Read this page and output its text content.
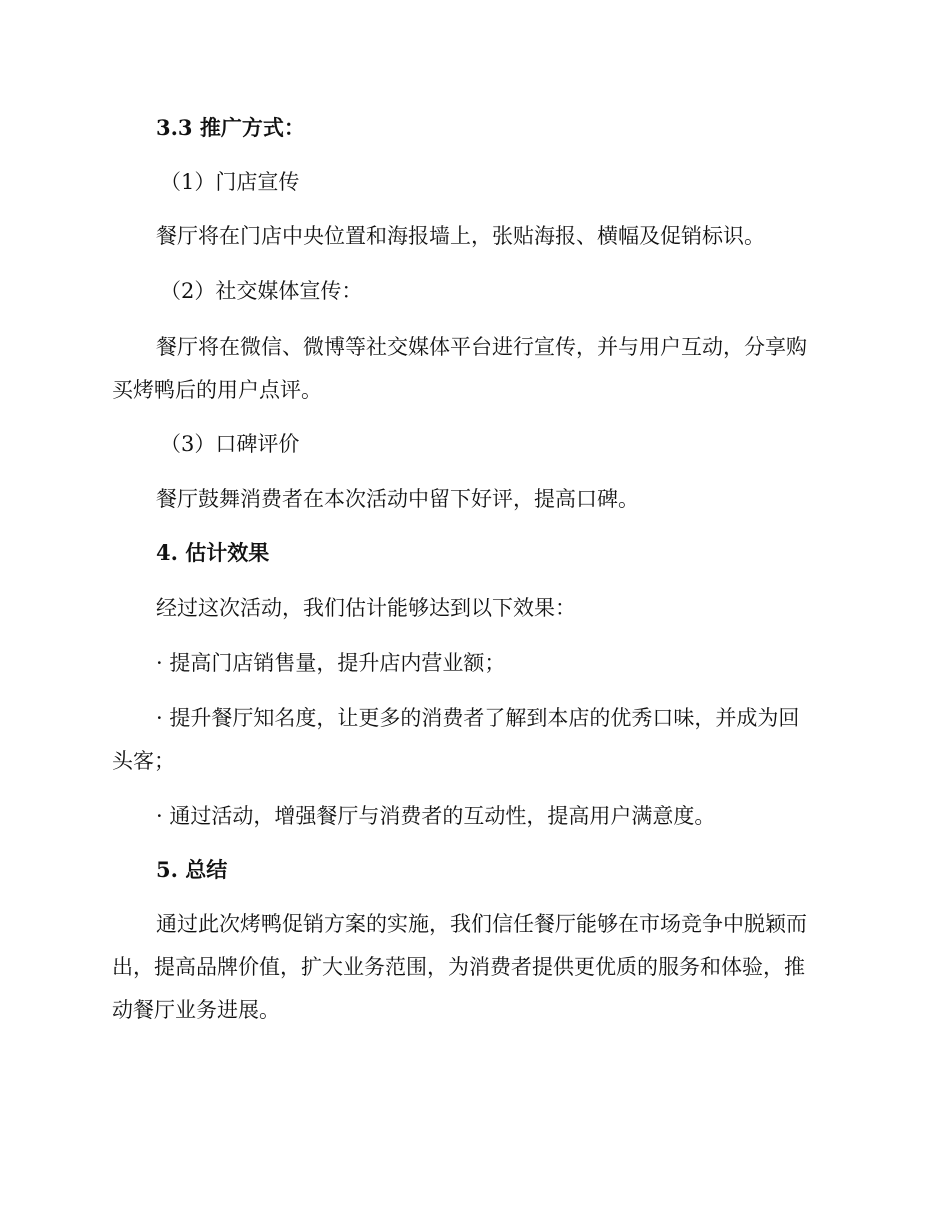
3.3 推广方式：

（1）门店宣传

餐厅将在门店中央位置和海报墙上，张贴海报、横幅及促销标识。

（2）社交媒体宣传：

餐厅将在微信、微博等社交媒体平台进行宣传，并与用户互动，分享购

买烤鸭后的用户点评。

（3）口碑评价

餐厅鼓舞消费者在本次活动中留下好评，提高口碑。

4. 估计效果

经过这次活动，我们估计能够达到以下效果：

· 提高门店销售量，提升店内营业额；

· 提升餐厅知名度，让更多的消费者了解到本店的优秀口味，并成为回

头客；

· 通过活动，增强餐厅与消费者的互动性，提高用户满意度。

5. 总结

通过此次烤鸭促销方案的实施，我们信任餐厅能够在市场竞争中脱颖而

出，提高品牌价值，扩大业务范围，为消费者提供更优质的服务和体验，推

动餐厅业务进展。
